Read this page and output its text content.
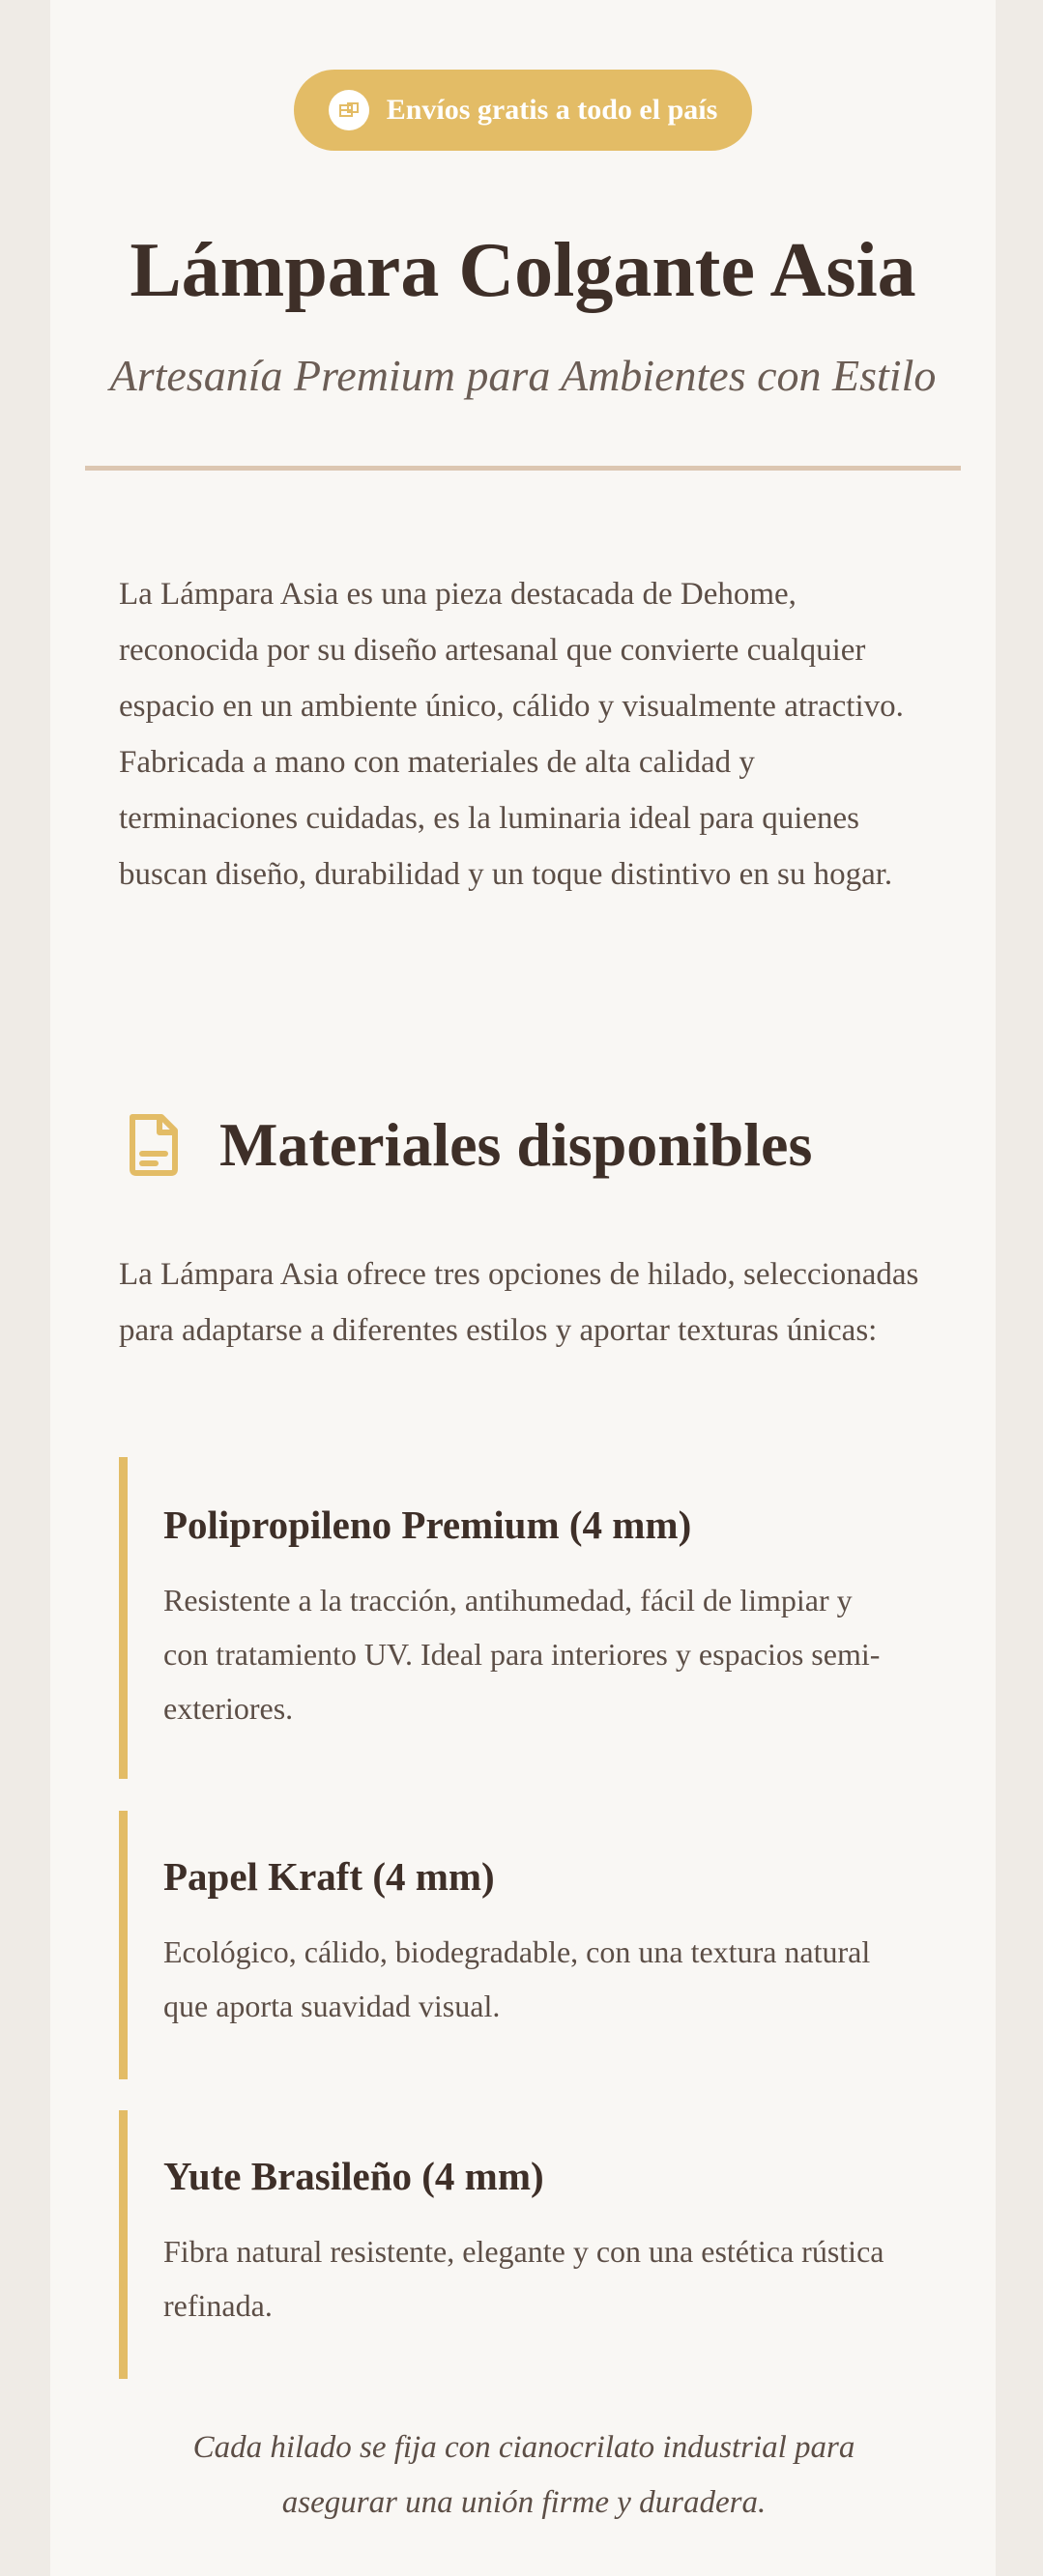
Envíos gratis a todo el país
Lámpara Colgante Asia

Artesanía Premium para Ambientes con Estilo

La Lámpara Asia es una pieza destacada de Dehome, reconocida por su diseño artesanal que convierte cualquier espacio en un ambiente único, cálido y visualmente atractivo. Fabricada a mano con materiales de alta calidad y terminaciones cuidadas, es la luminaria ideal para quienes buscan diseño, durabilidad y un toque distintivo en su hogar.

Materiales disponibles

La Lámpara Asia ofrece tres opciones de hilado, seleccionadas para adaptarse a diferentes estilos y aportar texturas únicas:

Polipropileno Premium (4 mm)

Resistente a la tracción, antihumedad, fácil de limpiar y con tratamiento UV. Ideal para interiores y espacios semi-exteriores.

Papel Kraft (4 mm)

Ecológico, cálido, biodegradable, con una textura natural que aporta suavidad visual.

Yute Brasileño (4 mm)

Fibra natural resistente, elegante y con una estética rústica refinada.

Cada hilado se fija con cianocrilato industrial para asegurar una unión firme y duradera.
